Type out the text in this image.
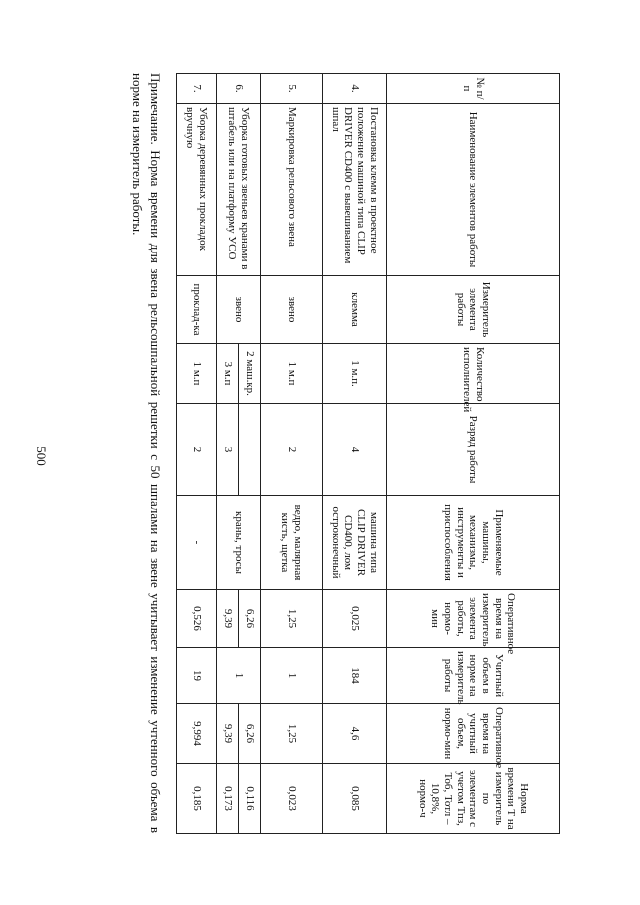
500
№ п/п	Наименование элементов работы	Измеритель элемента работы	Количество исполнителей	Разряд работы	Применяемые машины, механизмы, инструменты и приспособления	Оперативное время на измеритель элемента работы, нормо-мин	Учитный объем в норме на измеритель работы	Оперативное время на учитный объем, нормо-мин	Норма времени Т на измеритель по элементам с учетом Тпз, Тоб, Тотл – 10,8%, нормо-ч
4.	Постановка клемм в проектное положение машиной типа CLIP DRIVER CD400 с вывешиванием шпал	клемма	1 м.п.	4	машина типа CLIP DRIVER CD400, лом остроконечный	0,025	184	4,6	0,085
5.	Маркировка рельсового звена	звено	1 м.п	2	ведро, малярная кисть, щетка	1,25	1	1,25	0,023
6.	Уборка готовых звеньев кранами в штабель или на платформу УСО	звено	2 маш.кр.		краны, тросы	6,26	1	6,26	0,116
			3 м.п	3		9,39		9,39	0,173
7.	Уборка деревянных прокладок вручную	проклад-ка	1 м.п	2	-	0,526	19	9,994	0,185
Примечание. Норма времени для звена рельсошпальной решетки с 50 шпалами на звене учитывает изменение учтенного объема в норме на измеритель работы.
